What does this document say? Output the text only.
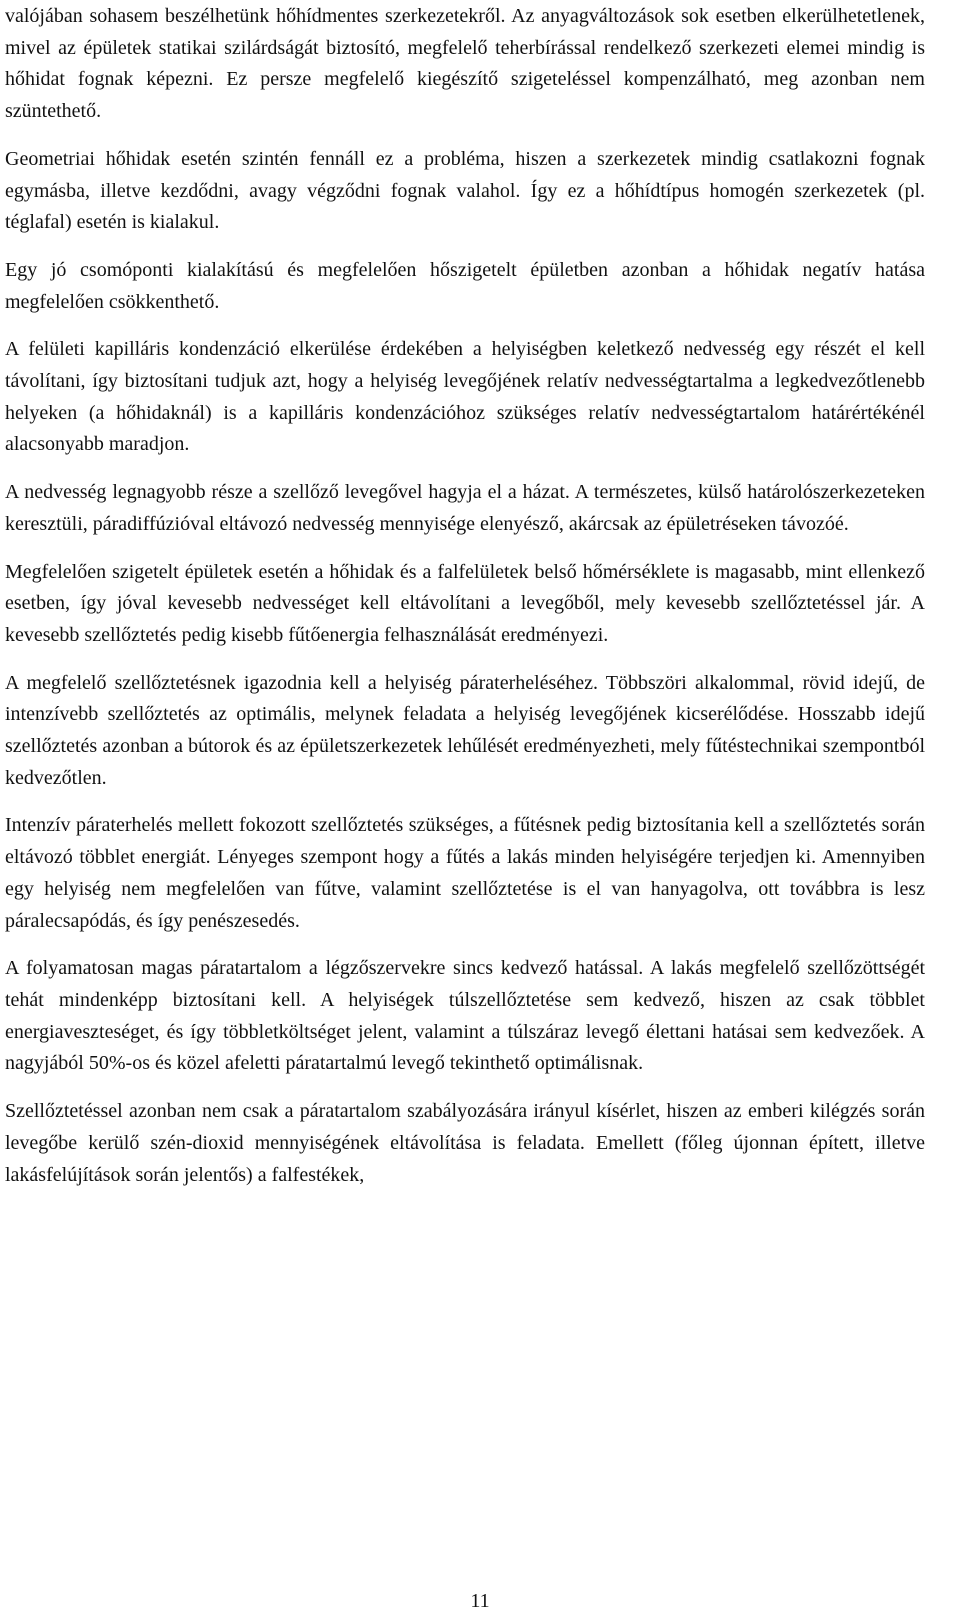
valójában sohasem beszélhetünk hőhídmentes szerkezetekről. Az anyagváltozások sok esetben elkerülhetetlenek, mivel az épületek statikai szilárdságát biztosító, megfelelő teherbírással rendelkező szerkezeti elemei mindig is hőhidat fognak képezni. Ez persze megfelelő kiegészítő szigeteléssel kompenzálható, meg azonban nem szüntethető.

Geometriai hőhidak esetén szintén fennáll ez a probléma, hiszen a szerkezetek mindig csatlakozni fognak egymásba, illetve kezdődni, avagy végződni fognak valahol. Így ez a hőhídtípus homogén szerkezetek (pl. téglafal) esetén is kialakul.

Egy jó csomóponti kialakítású és megfelelően hőszigetelt épületben azonban a hőhidak negatív hatása megfelelően csökkenthető.

A felületi kapilláris kondenzáció elkerülése érdekében a helyiségben keletkező nedvesség egy részét el kell távolítani, így biztosítani tudjuk azt, hogy a helyiség levegőjének relatív nedvességtartalma a legkedvezőtlenebb helyeken (a hőhidaknál) is a kapilláris kondenzációhoz szükséges relatív nedvességtartalom határértékénél alacsonyabb maradjon.

A nedvesség legnagyobb része a szellőző levegővel hagyja el a házat. A természetes, külső határolószerkezeteken keresztüli, páradiffúzióval eltávozó nedvesség mennyisége elenyésző, akárcsak az épületréseken távozóé.

Megfelelően szigetelt épületek esetén a hőhidak és a falfelületek belső hőmérséklete is magasabb, mint ellenkező esetben, így jóval kevesebb nedvességet kell eltávolítani a levegőből, mely kevesebb szellőztetéssel jár. A kevesebb szellőztetés pedig kisebb fűtőenergia felhasználását eredményezi.

A megfelelő szellőztetésnek igazodnia kell a helyiség páraterheléséhez. Többszöri alkalommal, rövid idejű, de intenzívebb szellőztetés az optimális, melynek feladata a helyiség levegőjének kicserélődése. Hosszabb idejű szellőztetés azonban a bútorok és az épületszerkezetek lehűlését eredményezheti, mely fűtéstechnikai szempontból kedvezőtlen.

Intenzív páraterhelés mellett fokozott szellőztetés szükséges, a fűtésnek pedig biztosítania kell a szellőztetés során eltávozó többlet energiát. Lényeges szempont hogy a fűtés a lakás minden helyiségére terjedjen ki. Amennyiben egy helyiség nem megfelelően van fűtve, valamint szellőztetése is el van hanyagolva, ott továbbra is lesz páralecsapódás, és így penészesedés.

A folyamatosan magas páratartalom a légzőszervekre sincs kedvező hatással. A lakás megfelelő szellőzöttségét tehát mindenképp biztosítani kell. A helyiségek túlszellőztetése sem kedvező, hiszen az csak többlet energiaveszteséget, és így többletköltséget jelent, valamint a túlszáraz levegő élettani hatásai sem kedvezőek. A nagyjából 50%-os és közel afeletti páratartalmú levegő tekinthető optimálisnak.

Szellőztetéssel azonban nem csak a páratartalom szabályozására irányul kísérlet, hiszen az emberi kilégzés során levegőbe kerülő szén-dioxid mennyiségének eltávolítása is feladata. Emellett (főleg újonnan épített, illetve lakásfelújítások során jelentős) a falfestékek,

11
